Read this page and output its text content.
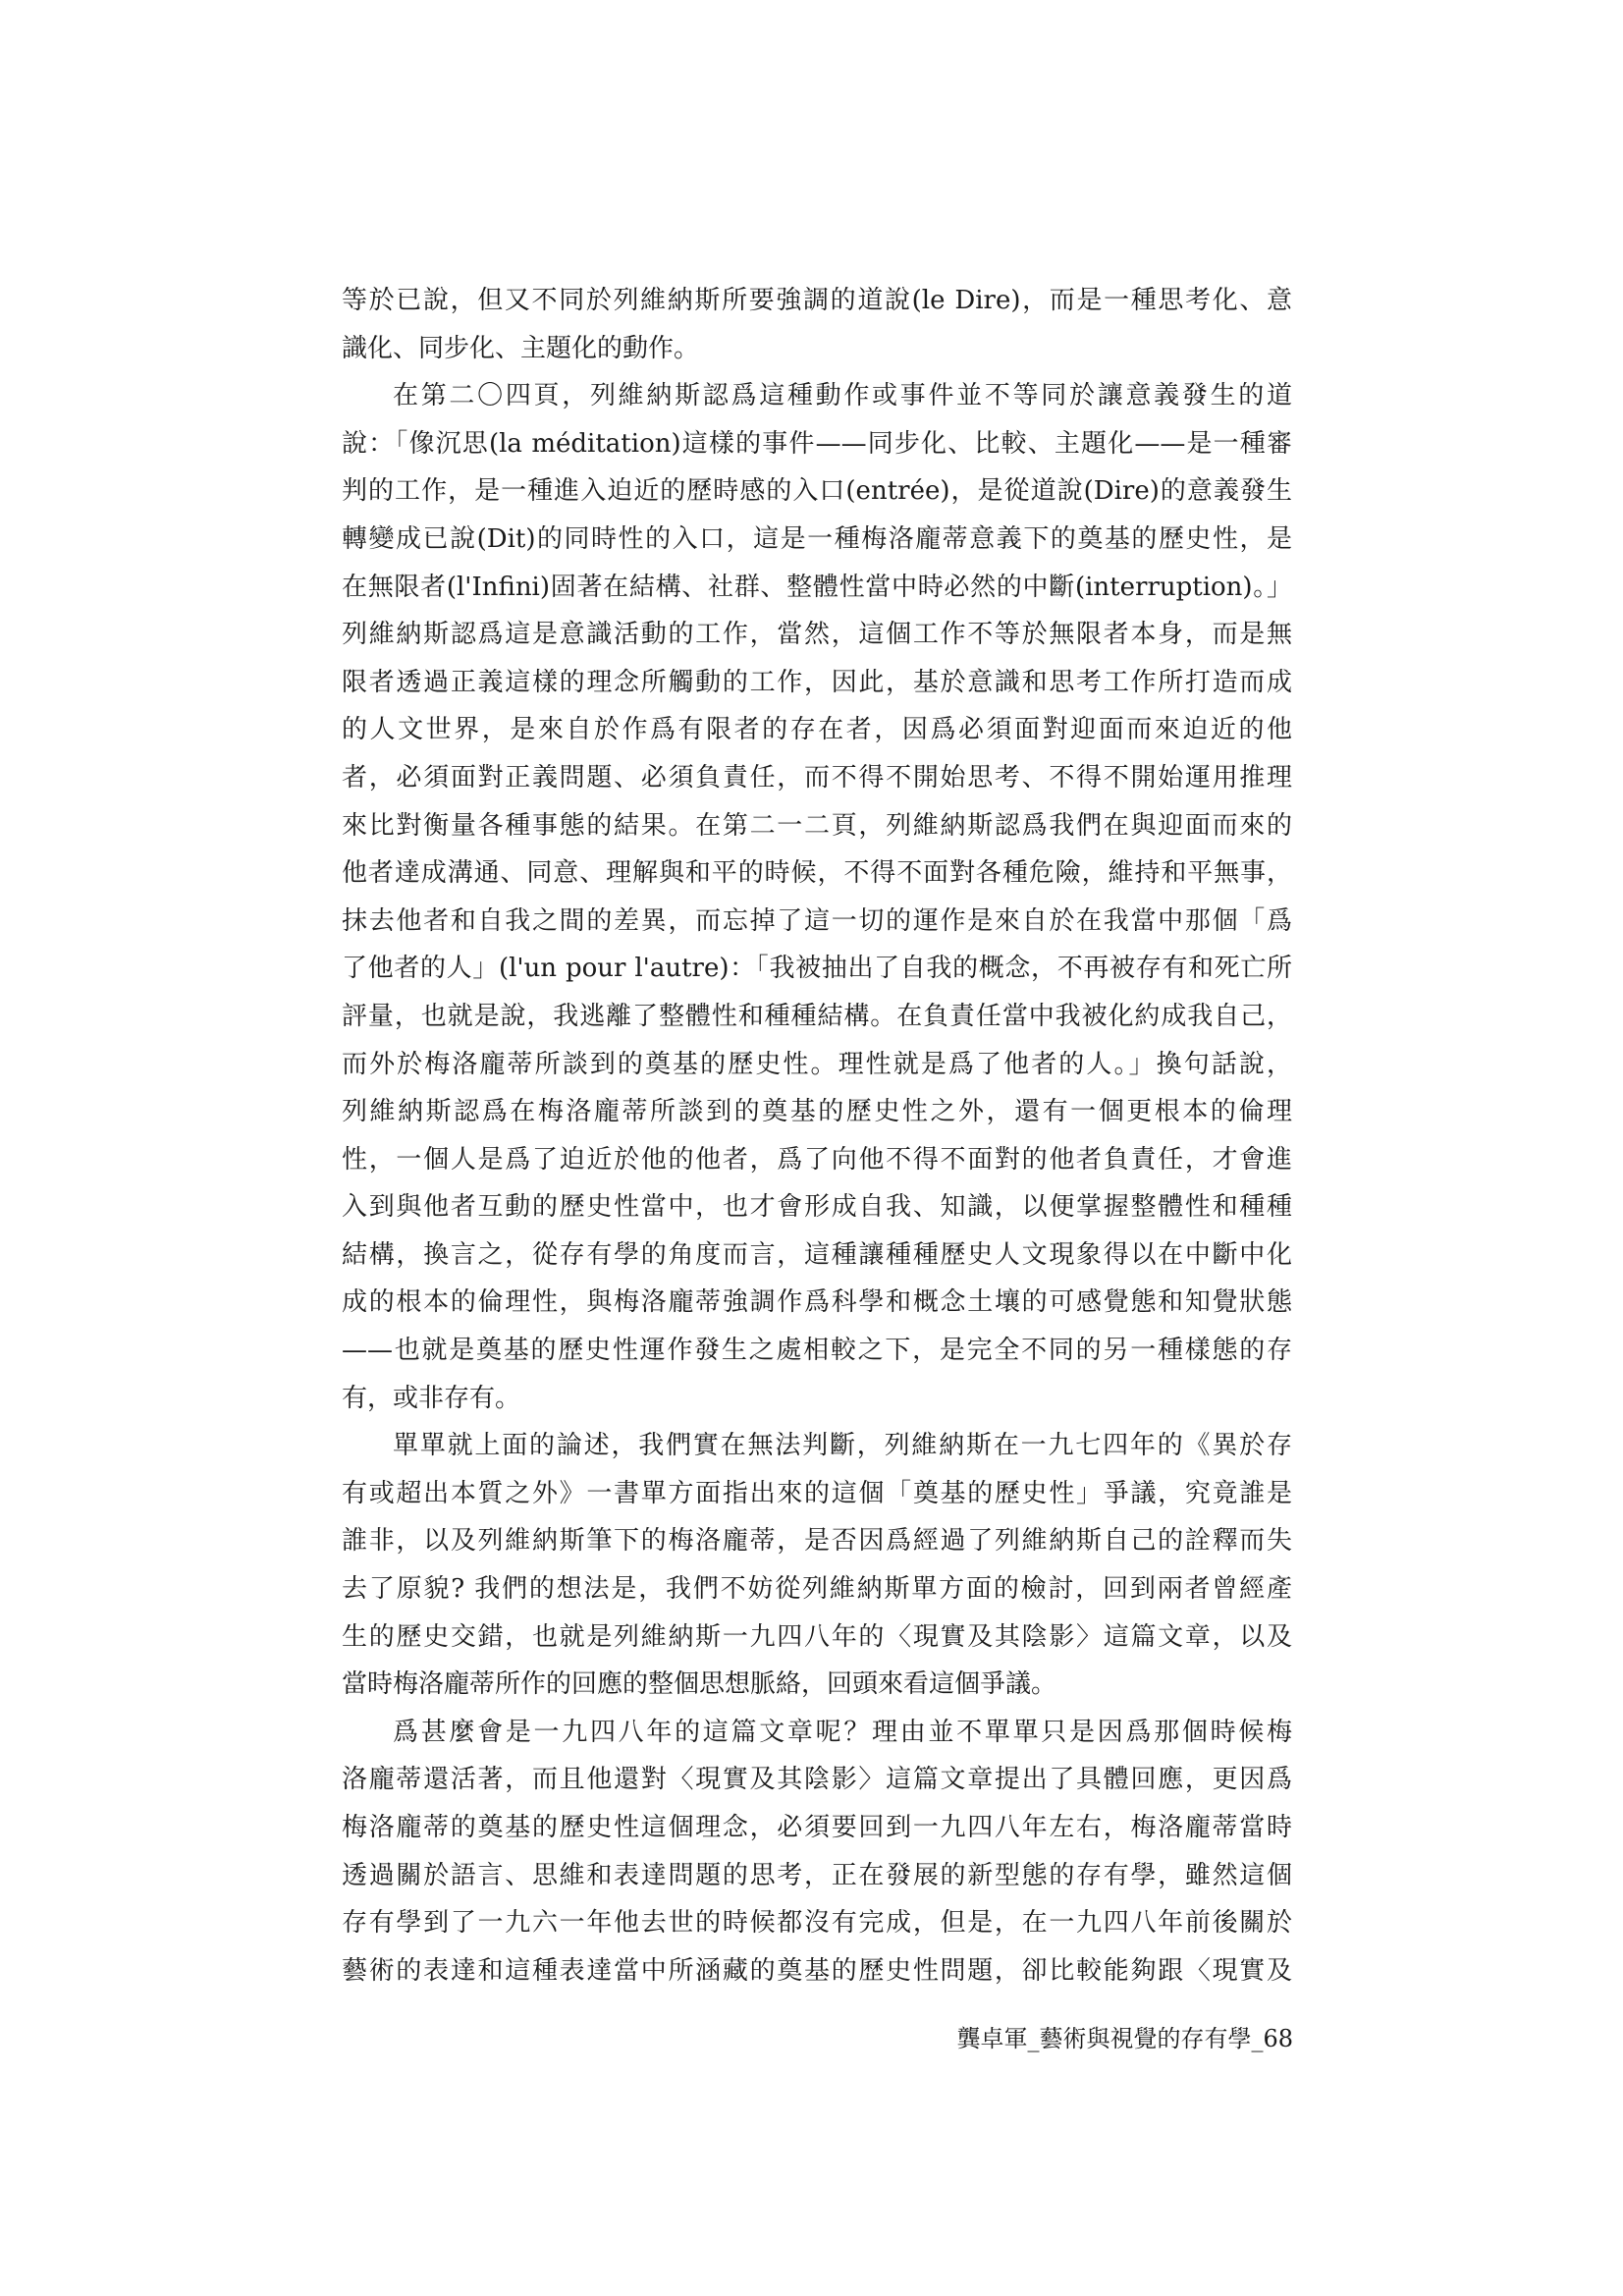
等於已說，但又不同於列維納斯所要強調的道說(le Dire)，而是一種思考化、意
識化、同步化、主題化的動作。
在第二〇四頁，列維納斯認爲這種動作或事件並不等同於讓意義發生的道
說：「像沉思(la méditation)這樣的事件——同步化、比較、主題化——是一種審
判的工作，是一種進入迫近的歷時感的入口(entrée)，是從道說(Dire)的意義發生
轉變成已說(Dit)的同時性的入口，這是一種梅洛龐蒂意義下的奠基的歷史性，是
在無限者(l'Infini)固著在結構、社群、整體性當中時必然的中斷(interruption)。」
列維納斯認爲這是意識活動的工作，當然，這個工作不等於無限者本身，而是無
限者透過正義這樣的理念所觸動的工作，因此，基於意識和思考工作所打造而成
的人文世界，是來自於作爲有限者的存在者，因爲必須面對迎面而來迫近的他
者，必須面對正義問題、必須負責任，而不得不開始思考、不得不開始運用推理
來比對衡量各種事態的結果。在第二一二頁，列維納斯認爲我們在與迎面而來的
他者達成溝通、同意、理解與和平的時候，不得不面對各種危險，維持和平無事，
抹去他者和自我之間的差異，而忘掉了這一切的運作是來自於在我當中那個「爲
了他者的人」(l'un pour l'autre)：「我被抽出了自我的概念，不再被存有和死亡所
評量，也就是說，我逃離了整體性和種種結構。在負責任當中我被化約成我自己，
而外於梅洛龐蒂所談到的奠基的歷史性。理性就是爲了他者的人。」換句話說，
列維納斯認爲在梅洛龐蒂所談到的奠基的歷史性之外，還有一個更根本的倫理
性，一個人是爲了迫近於他的他者，爲了向他不得不面對的他者負責任，才會進
入到與他者互動的歷史性當中，也才會形成自我、知識，以便掌握整體性和種種
結構，換言之，從存有學的角度而言，這種讓種種歷史人文現象得以在中斷中化
成的根本的倫理性，與梅洛龐蒂強調作爲科學和概念土壤的可感覺態和知覺狀態
——也就是奠基的歷史性運作發生之處相較之下，是完全不同的另一種樣態的存
有，或非存有。
單單就上面的論述，我們實在無法判斷，列維納斯在一九七四年的《異於存
有或超出本質之外》一書單方面指出來的這個「奠基的歷史性」爭議，究竟誰是
誰非，以及列維納斯筆下的梅洛龐蒂，是否因爲經過了列維納斯自己的詮釋而失
去了原貌? 我們的想法是，我們不妨從列維納斯單方面的檢討，回到兩者曾經產
生的歷史交錯，也就是列維納斯一九四八年的〈現實及其陰影〉這篇文章，以及
當時梅洛龐蒂所作的回應的整個思想脈絡，回頭來看這個爭議。
爲甚麼會是一九四八年的這篇文章呢？理由並不單單只是因爲那個時候梅
洛龐蒂還活著，而且他還對〈現實及其陰影〉這篇文章提出了具體回應，更因爲
梅洛龐蒂的奠基的歷史性這個理念，必須要回到一九四八年左右，梅洛龐蒂當時
透過關於語言、思維和表達問題的思考，正在發展的新型態的存有學，雖然這個
存有學到了一九六一年他去世的時候都沒有完成，但是，在一九四八年前後關於
藝術的表達和這種表達當中所涵藏的奠基的歷史性問題，卻比較能夠跟〈現實及
龔卓軍_藝術與視覺的存有學_68
